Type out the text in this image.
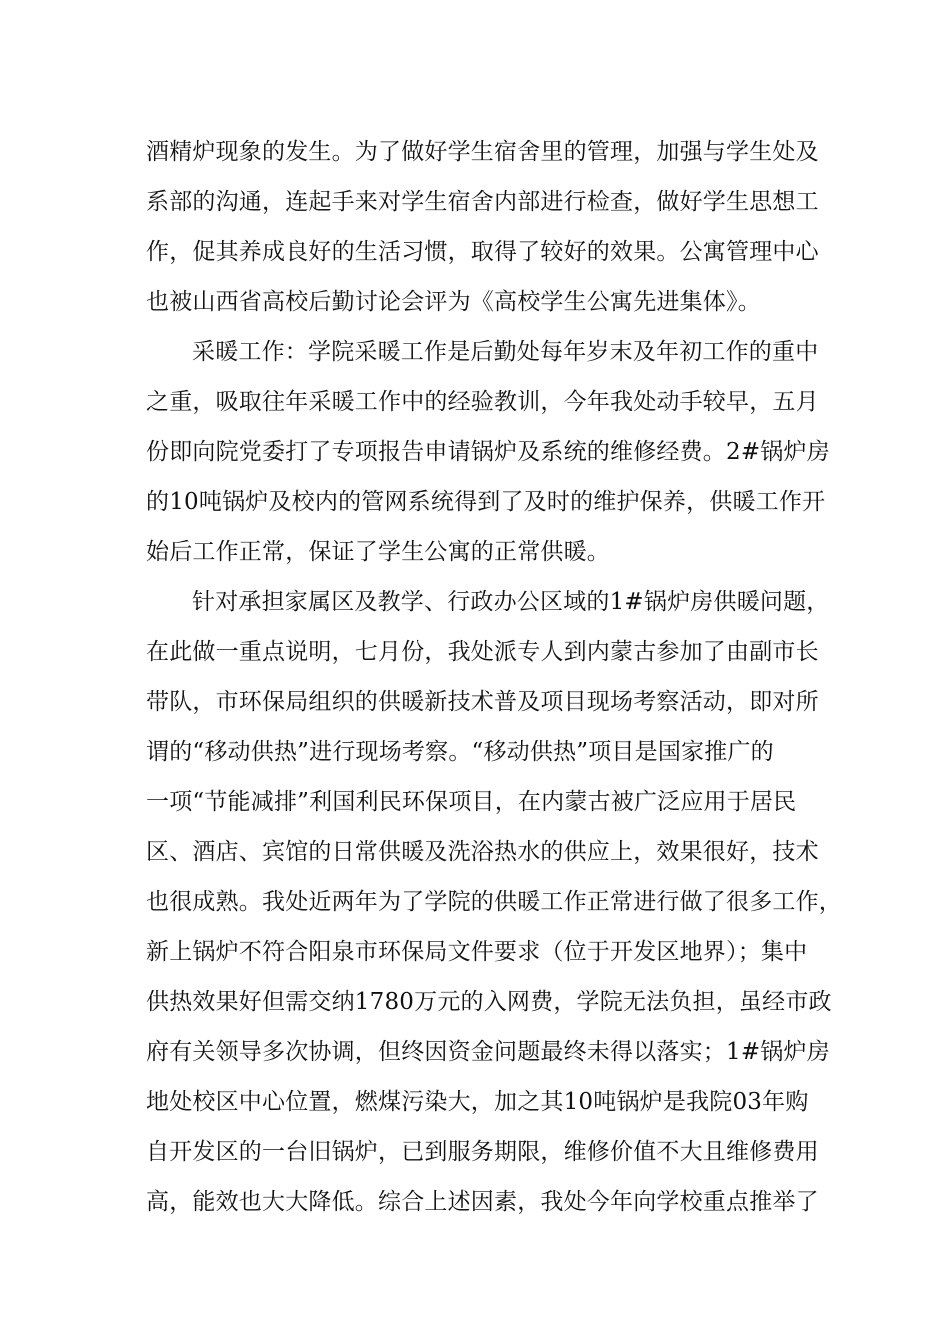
酒精炉现象的发生。为了做好学生宿舍里的管理，加强与学生处及
系部的沟通，连起手来对学生宿舍内部进行检查，做好学生思想工
作，促其养成良好的生活习惯，取得了较好的效果。公寓管理中心
也被山西省高校后勤讨论会评为《高校学生公寓先进集体》。
采暖工作：学院采暖工作是后勤处每年岁末及年初工作的重中
之重，吸取往年采暖工作中的经验教训，今年我处动手较早，五月
份即向院党委打了专项报告申请锅炉及系统的维修经费。2#锅炉房
的10吨锅炉及校内的管网系统得到了及时的维护保养，供暖工作开
始后工作正常，保证了学生公寓的正常供暖。
针对承担家属区及教学、行政办公区域的1#锅炉房供暖问题，
在此做一重点说明，七月份，我处派专人到内蒙古参加了由副市长
带队，市环保局组织的供暖新技术普及项目现场考察活动，即对所
谓的“移动供热”进行现场考察。“移动供热”项目是国家推广的
一项“节能减排”利国利民环保项目，在内蒙古被广泛应用于居民
区、酒店、宾馆的日常供暖及洗浴热水的供应上，效果很好，技术
也很成熟。我处近两年为了学院的供暖工作正常进行做了很多工作，
新上锅炉不符合阳泉市环保局文件要求（位于开发区地界）；集中
供热效果好但需交纳1780万元的入网费，学院无法负担，虽经市政
府有关领导多次协调，但终因资金问题最终未得以落实；1#锅炉房
地处校区中心位置，燃煤污染大，加之其10吨锅炉是我院03年购
自开发区的一台旧锅炉，已到服务期限，维修价值不大且维修费用
高，能效也大大降低。综合上述因素，我处今年向学校重点推举了
